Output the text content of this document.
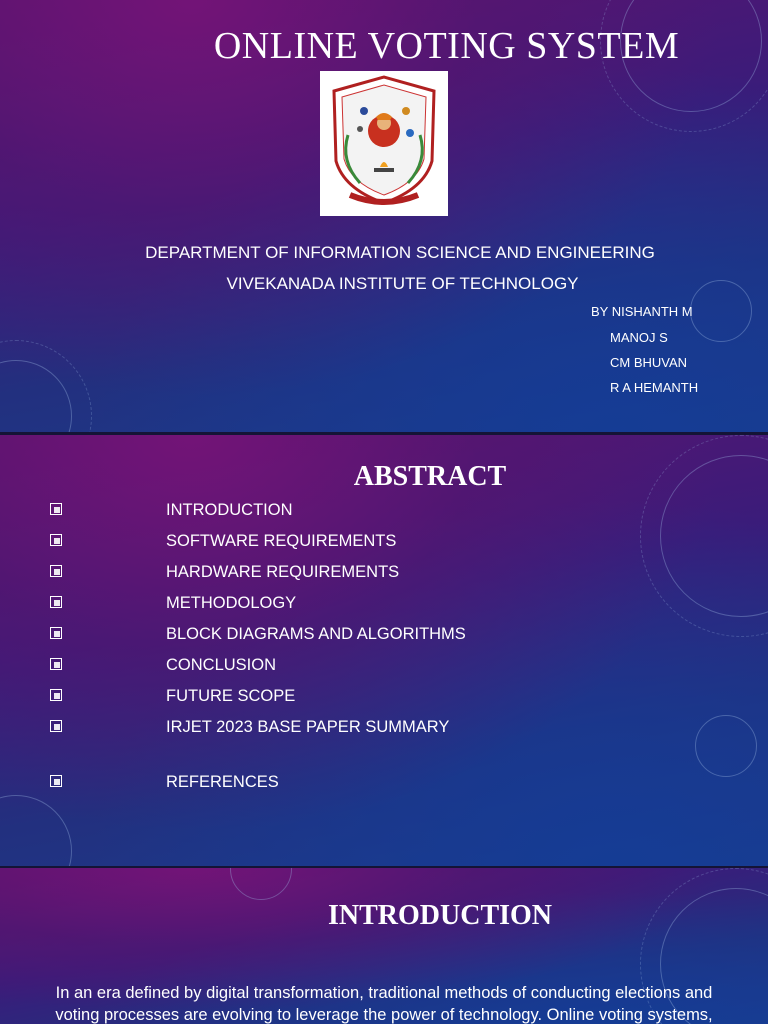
ONLINE VOTING SYSTEM
DEPARTMENT OF INFORMATION SCIENCE AND ENGINEERING
VIVEKANADA INSTITUTE OF TECHNOLOGY
BY NISHANTH M
MANOJ S
CM BHUVAN
R A HEMANTH
ABSTRACT
INTRODUCTION
SOFTWARE REQUIREMENTS
HARDWARE REQUIREMENTS
METHODOLOGY
BLOCK DIAGRAMS AND ALGORITHMS
CONCLUSION
FUTURE SCOPE
IRJET 2023 BASE PAPER SUMMARY
REFERENCES
INTRODUCTION
In an era defined by digital transformation, traditional methods of conducting elections and
voting processes are evolving to leverage the power of technology. Online voting systems,
